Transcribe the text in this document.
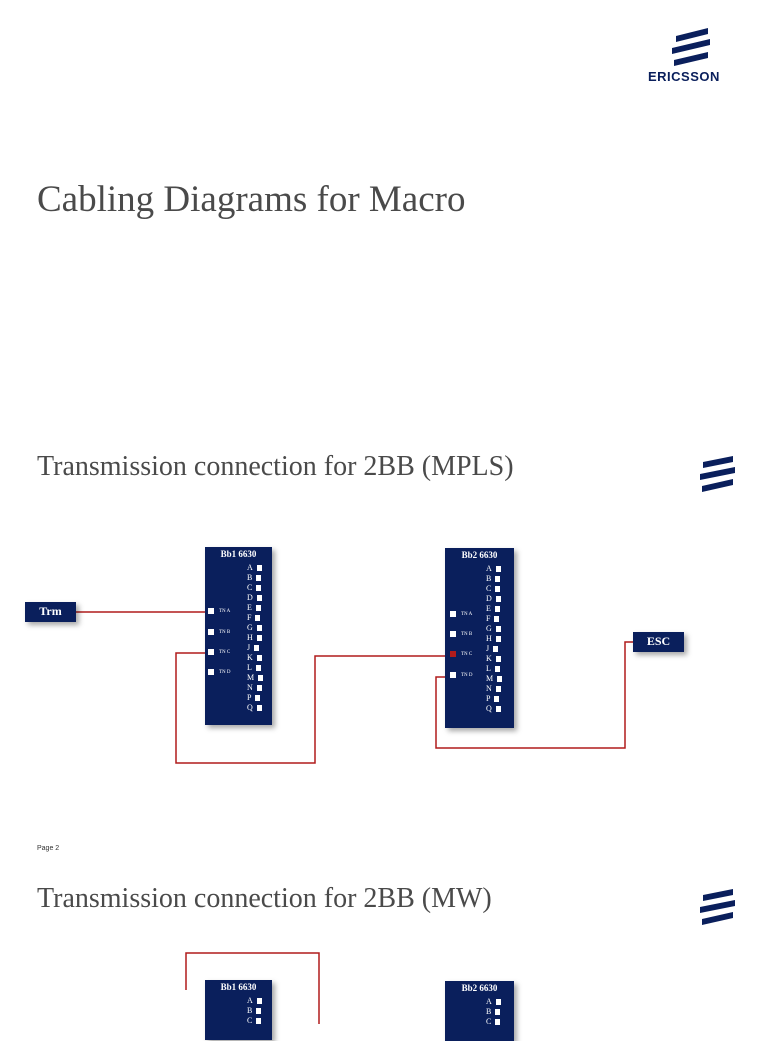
ERICSSON
Cabling Diagrams for Macro
Transmission connection for 2BB (MPLS)
Trm
ESC
Bb1 6630
A
B
C
D
E
F
G
H
J
K
L
M
N
P
Q
TN A
TN B
TN C
TN D
Bb2 6630
A
B
C
D
E
F
G
H
J
K
L
M
N
P
Q
TN A
TN B
TN C
TN D
Page 2
Transmission connection for 2BB (MW)
Bb1 6630
A
B
C
Bb2 6630
A
B
C
